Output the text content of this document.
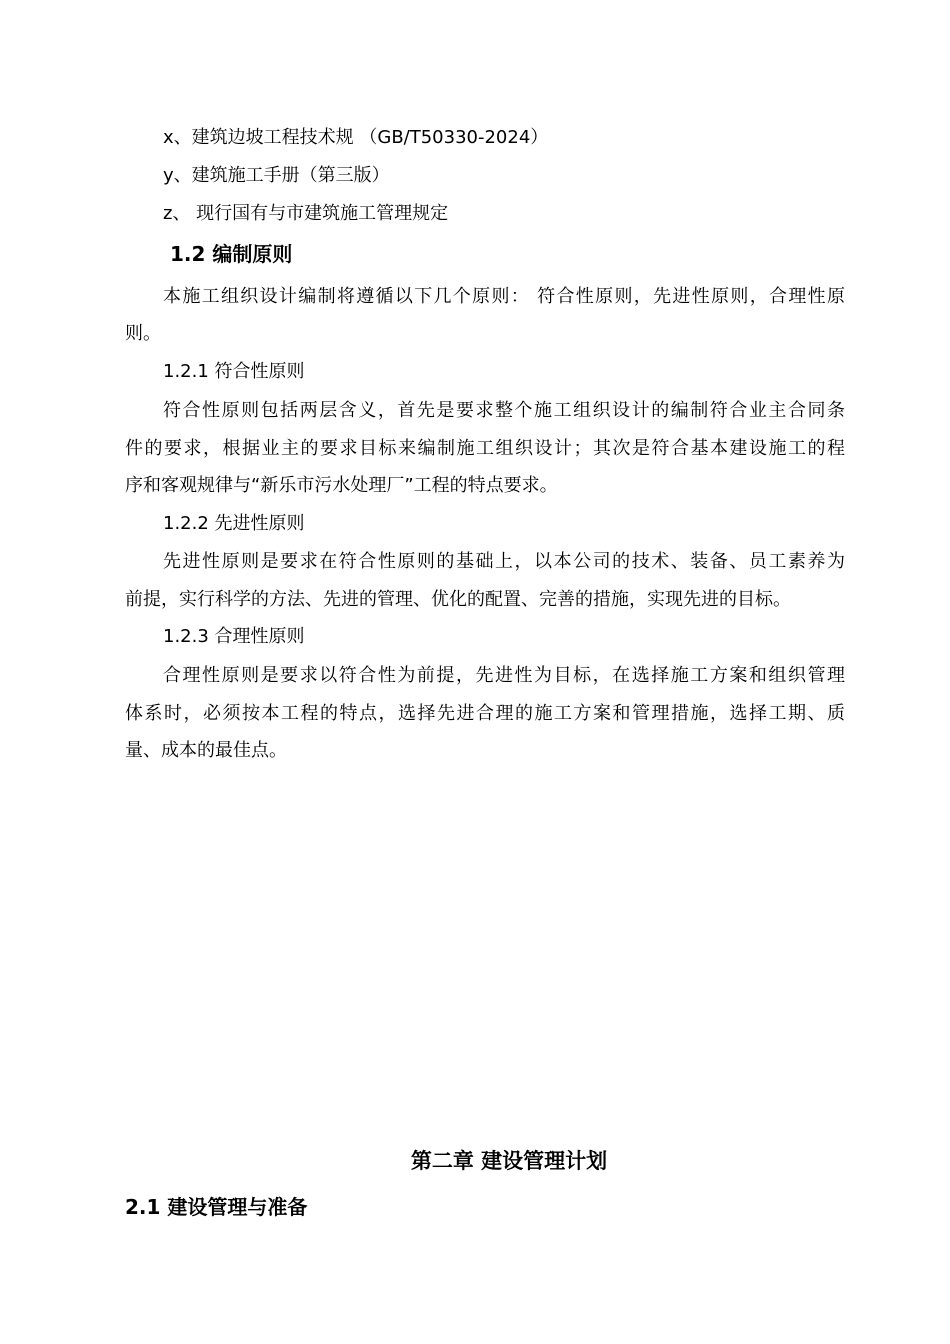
x、建筑边坡工程技术规 （GB/T50330-2024）
y、建筑施工手册（第三版）
z、 现行国有与市建筑施工管理规定
1.2 编制原则
本施工组织设计编制将遵循以下几个原则： 符合性原则，先进性原则，合理性原
则。
1.2.1 符合性原则
符合性原则包括两层含义，首先是要求整个施工组织设计的编制符合业主合同条
件的要求，根据业主的要求目标来编制施工组织设计；其次是符合基本建设施工的程
序和客观规律与“新乐市污水处理厂”工程的特点要求。
1.2.2 先进性原则
先进性原则是要求在符合性原则的基础上，以本公司的技术、装备、员工素养为
前提，实行科学的方法、先进的管理、优化的配置、完善的措施，实现先进的目标。
1.2.3 合理性原则
合理性原则是要求以符合性为前提，先进性为目标，在选择施工方案和组织管理
体系时，必须按本工程的特点，选择先进合理的施工方案和管理措施，选择工期、质
量、成本的最佳点。
第二章 建设管理计划
2.1 建设管理与准备
